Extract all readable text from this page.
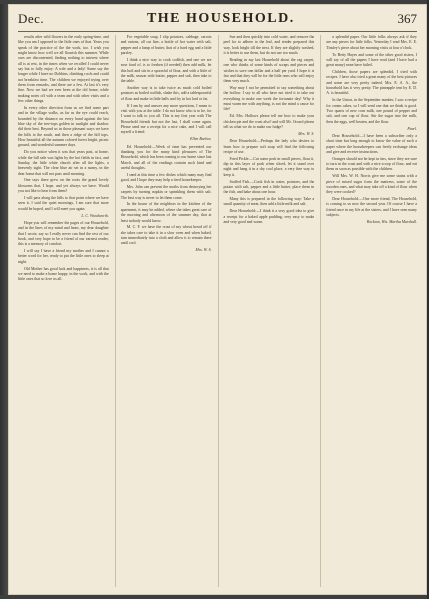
Dec.	THE HOUSEHOLD.	367

results after wild flowers in the early spring-time, and like you am I opposed to the little ones of that. Years you speak of the practice of the the work, too. I wish you might know how well we all flourish this summer. While ours are discontented, finding nothing to interest where all is at rest, in the times when we recalled I could never say but to fully enjoy. A wife and a lady! Some say the longer while I have no Dobbins, climbing roofs and could not breakfast time. The children we enjoyed trying over them from remarks, and there are a few. At last it's very fine. Now we had we ever been at the old home, while making notes off with a team and with other visits and a few other things.

In every other direction from us we find some part and in the village walks, as far as the eye could reach, bounded by the distance on every hand against the last blue sky of the tree-tops golden in sunlight and shadow did their best. Beyond us in those pleasant ways we have the hills to the south, and then a ridge of the hill tops. How beautiful all the autumn colored forest bright, picnic ground, and wonderful summer days.

Do you notice when it was that years past, at home, while the hill side was lights by the hot fields in fact, and Sunday, the little white church after all the lights, a heavenly sight. The clear blue air set in a sunny, in the dear home that will not pass until morning.

One says there grew on the roots the grand lovely blossoms that, I hope, and yet always we have. Would you not like to hear from them?

I will pass along the hills to that point where we have seen it. I said the quiet mornings, I am sure that more would be hoped, and I will meet you again.

L. C. Woodworth.

Hope you will remember the pages of our Household, and in the lines of my mind and heart, my dear daughter that I wrote, say so I really never can find the rest of our book, and very hope to be a friend of our earnest reader, this is a memory of comfort.

I will say I have a friend my mother and I cannot a better word for her, ready to put the little ones to sleep at night.

Old Mother has good luck and happiness, it is all that we need to make a home happy, in the work, and with the little ones that so love us all.

For vegetable soup, I slip potatoes, cabbage, carrots and onions, all cut fine, a bottle of hot water with salt, pepper and a lump of butter, that of a hard egg and a little parsley.

I think a nice way to cook codfish, and one we are now fond of, is to freshen (if needed) then add milk, let this boil and stir in a spoonful of flour, and with a little of the milk, season with butter, pepper and salt, then take to the table.

Another way is to take twice as much cold boiled potatoes as boiled codfish, shake this, add a tablespoonful of flour and make in little balls and fry in hot lard or fat.

If I am by and answer any more questions, I mean to visit with you at the table. I do not know who is to be, for I want to talk to you all. This is my first year with The Household friends but not the last, I shall come again. Please send me a receipt for a nice cake, and I will call myself a friend.

Ellen Barlow.

Ed. Household:—Week of time has prevented our thanking you for the many kind pleasures of The Household, which has been coming to our home since last March, and all of the readings contain such kind and useful thoughts.

I send at this time a few dishes which many may find good, and I hope they may help a tired housekeeper.

Mrs. John can prevent the moths from destroying her carpets by turning napkin or sprinkling them with salt. The best way is never to let them come.

In the house of the neighbors in the kitchen of the apartment, it may be added, where she takes great care of the morning and afternoon of the summer day, that at least nobody would know.

M. C. F. we have the crust of my wheat bread off if she takes care to take it in a slow oven and when baked, turn immediately into a cloth and allow it to remain there until cool.

Mrs. W. S.

Sue and then quickly into cold water, and remove the peel for to adhere to the leaf, and tender prepared this way, look bright till the next. If they are slightly washed, it is better to use them, but do not use too much.

Reading in my last Household about the rag carpet, one who thinks of some kinds of scraps and pieces and wishes to save one dollar and a half per yard. I hope it is fair and that they will be for the little ones who will enjoy them very much.

Way may I not be permitted to say something about the hollow. I say to all who have not tried it to take out everything to make one week the fortunate day! Why it must warm me with anything, is not the mind a cause for life?

Ed. Mrs. Hallows please tell me how to make your chicken pie and the crust also? and will Mr. Orcard please tell us what we do to make our fudge?

Mrs. W. S.

Dear Household:—Perhaps the lady who desires to learn how to prepare soft soap will find the following recipe of use.

Fried Pickle.—Cut some pork in small pieces, flour it, dip in this layer of pork when sliced, let it stand over night and hang it in a dry cool place, a very fine way to keep it.

Stuffed Fish.—Cook fish in water, potatoes, and the potato with salt, pepper and a little butter, place them in the fish, and bake about one hour.

Many this is prepared in the following way: Take a small quantity of meat, then add a little milk and salt.

Dear Household:—I think it a very good idea to give a receipt for a baked apple pudding, very easy to make and very good and warm.

a splendid paper. Our little folks always ask if they are any pieces for little folks. Yesterday I read Mrs. E. E. Tinsley's piece about her morning visits at four o'clock.

To Betty Hayes and some of the other good sisters, I will say of all the papers I have read (and I have had a great many) none have failed.

Children, those papers are splendid, I tried with recipes. I have also tried a great many of the best pictures and some are very pretty indeed. Mrs. E. A. A., the household has it very pretty. The pineapple tent by E. D. A. is beautiful.

In the Union, in the September number, I saw a recipe for cream cakes, so I will send one that we think is good. Two quarts of new corn milk, one pound of pepper and salt, and one cup of flour. Stir the sugar into the milk, then the eggs, well beaten, and the flour.

Pearl.

Dear Household:—I have been a subscriber only a short time but long enough to know the value of such a paper where the housekeepers can freely exchange ideas and give and receive instructions.

Oranges should not be kept in tins, since they are sure to turn in the crust and with a nice scoop of flour, and eat them as soon as possible with the children.

Will Mrs. W. H. Norris give me some stains with a piece of mixed sugar from the mattress, some of the wooden ones, and what may take off a kind of flour when they were cooked?

Dear Household:—One more friend, The Household, is coming to us now the second year. Of course I have a friend once in my life at the sisters, and I have seen many subjects.

Rockton, Wis. Martha Marshall.
